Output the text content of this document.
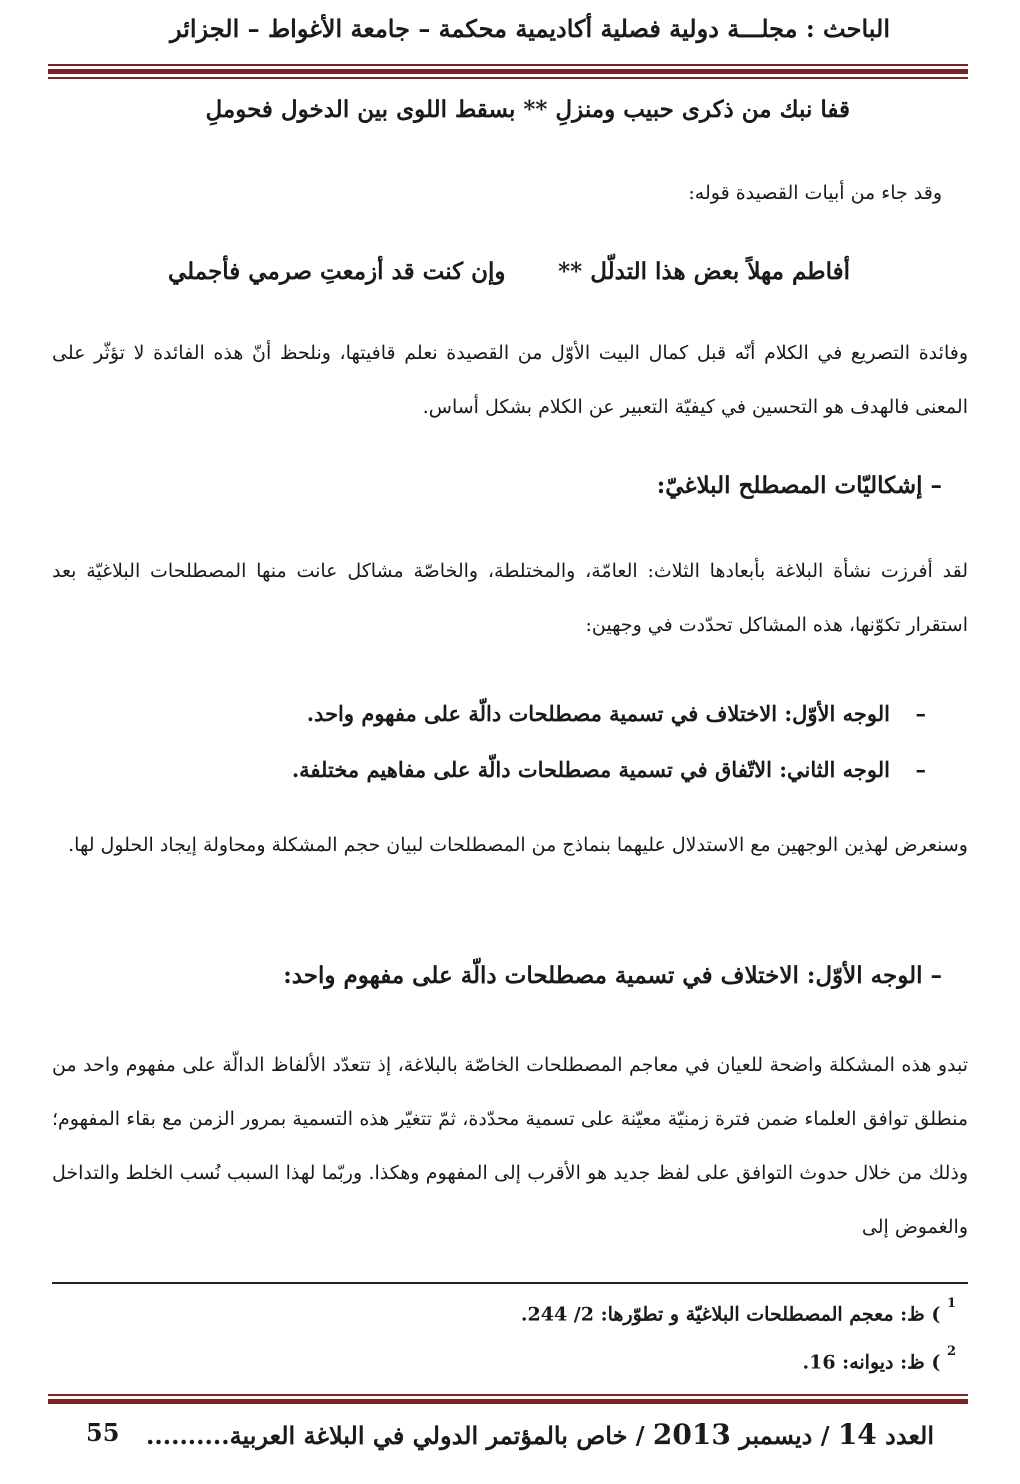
الباحث : مجلـــة دولية فصلية أكاديمية محكمة – جامعة الأغواط – الجزائر
قفا نبك من ذكرى حبيب ومنزلِ ** بسقط اللوى بين الدخول فحوملِ
وقد جاء من أبيات القصيدة قوله:
أفاطم مهلاً بعض هذا التدلّل **
وإن كنت قد أزمعتِ صرمي فأجملي

وفائدة التصريع في الكلام أنّه قبل كمال البيت الأوّل من القصيدة نعلم قافيتها، ونلحظ أنّ هذه الفائدة لا تؤثّر على المعنى فالهدف هو التحسين في كيفيّة التعبير عن الكلام بشكل أساس.

– إشكاليّات المصطلح البلاغيّ:

لقد أفرزت نشأة البلاغة بأبعادها الثلاث: العامّة، والمختلطة، والخاصّة مشاكل عانت منها المصطلحات البلاغيّة بعد استقرار تكوّنها، هذه المشاكل تحدّدت في وجهين:

–
الوجه الأوّل: الاختلاف في تسمية مصطلحات دالّة على مفهوم واحد.
–
الوجه الثاني: الاتّفاق في تسمية مصطلحات دالّة على مفاهيم مختلفة.

وسنعرض لهذين الوجهين مع الاستدلال عليهما بنماذج من المصطلحات لبيان حجم المشكلة ومحاولة إيجاد الحلول لها.

– الوجه الأوّل: الاختلاف في تسمية مصطلحات دالّة على مفهوم واحد:

تبدو هذه المشكلة واضحة للعيان في معاجم المصطلحات الخاصّة بالبلاغة، إذ تتعدّد الألفاظ الدالّة على مفهوم واحد من منطلق توافق العلماء ضمن فترة زمنيّة معيّنة على تسمية محدّدة، ثمّ تتغيّر هذه التسمية بمرور الزمن مع بقاء المفهوم؛ وذلك من خلال حدوث التوافق على لفظ جديد هو الأقرب إلى المفهوم وهكذا. وربّما لهذا السبب نُسب الخلط والتداخل والغموض إلى

$^1$ ) ظ: معجم المصطلحات البلاغيّة و تطوّرها: 2/ 244.
$^2$ ) ظ: ديوانه: 16.
العدد 14 / ديسمبر 2013 / خاص بالمؤتمر الدولي في البلاغة العربية..........
55
